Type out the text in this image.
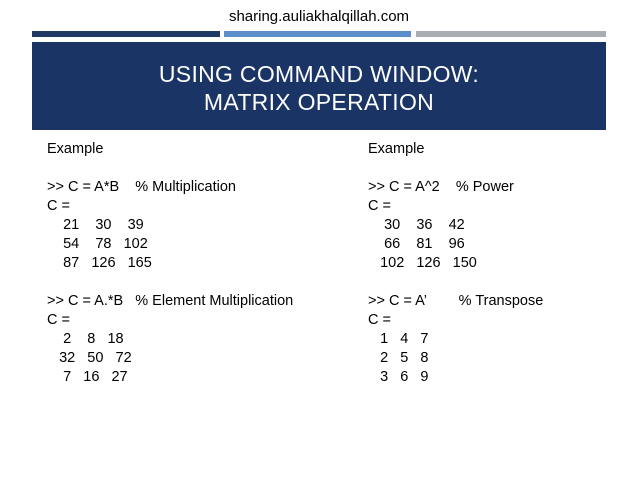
sharing.auliakhalqillah.com
USING COMMAND WINDOW:
MATRIX OPERATION
Example
>> C = A*B    % Multiplication
C =
21    30    39
54    78   102
87   126   165
>> C = A.*B   % Element Multiplication
C =
2    8   18
32   50   72
7   16   27
Example
>> C = A^2    % Power
C =
30    36    42
66    81    96
102   126   150
>> C = A’        % Transpose
C =
1   4   7
2   5   8
3   6   9
